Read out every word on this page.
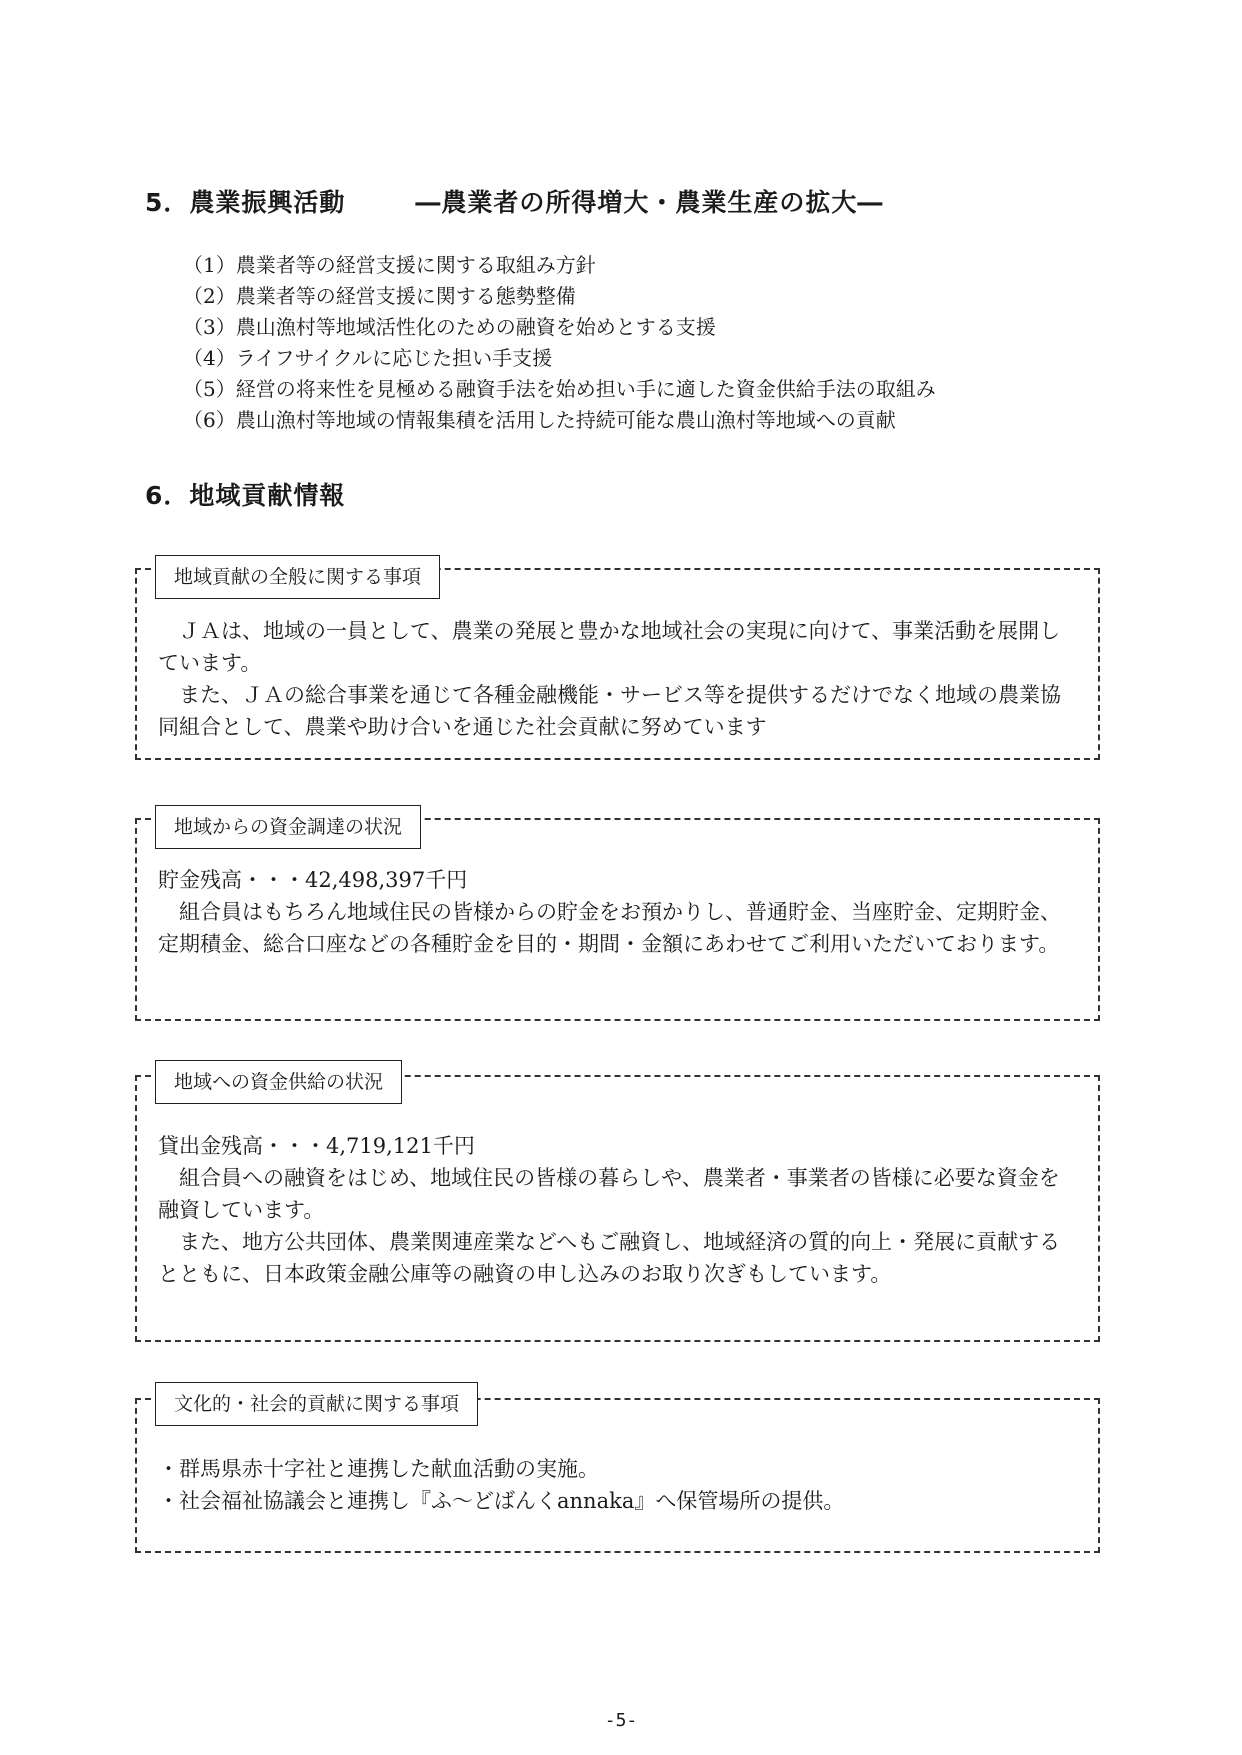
5．農業振興活動	―農業者の所得増大・農業生産の拡大―
（1）農業者等の経営支援に関する取組み方針
（2）農業者等の経営支援に関する態勢整備
（3）農山漁村等地域活性化のための融資を始めとする支援
（4）ライフサイクルに応じた担い手支援
（5）経営の将来性を見極める融資手法を始め担い手に適した資金供給手法の取組み
（6）農山漁村等地域の情報集積を活用した持続可能な農山漁村等地域への貢献
6．地域貢献情報
地域貢献の全般に関する事項

ＪＡは、地域の一員として、農業の発展と豊かな地域社会の実現に向けて、事業活動を展開しています。

また、ＪＡの総合事業を通じて各種金融機能・サービス等を提供するだけでなく地域の農業協同組合として、農業や助け合いを通じた社会貢献に努めています

地域からの資金調達の状況

貯金残高・・・42,498,397千円

組合員はもちろん地域住民の皆様からの貯金をお預かりし、普通貯金、当座貯金、定期貯金、定期積金、総合口座などの各種貯金を目的・期間・金額にあわせてご利用いただいております。

地域への資金供給の状況

貸出金残高・・・4,719,121千円

組合員への融資をはじめ、地域住民の皆様の暮らしや、農業者・事業者の皆様に必要な資金を融資しています。

また、地方公共団体、農業関連産業などへもご融資し、地域経済の質的向上・発展に貢献するとともに、日本政策金融公庫等の融資の申し込みのお取り次ぎもしています。

文化的・社会的貢献に関する事項

・群馬県赤十字社と連携した献血活動の実施。

・社会福祉協議会と連携し『ふ～どばんくannaka』へ保管場所の提供。

-5-
